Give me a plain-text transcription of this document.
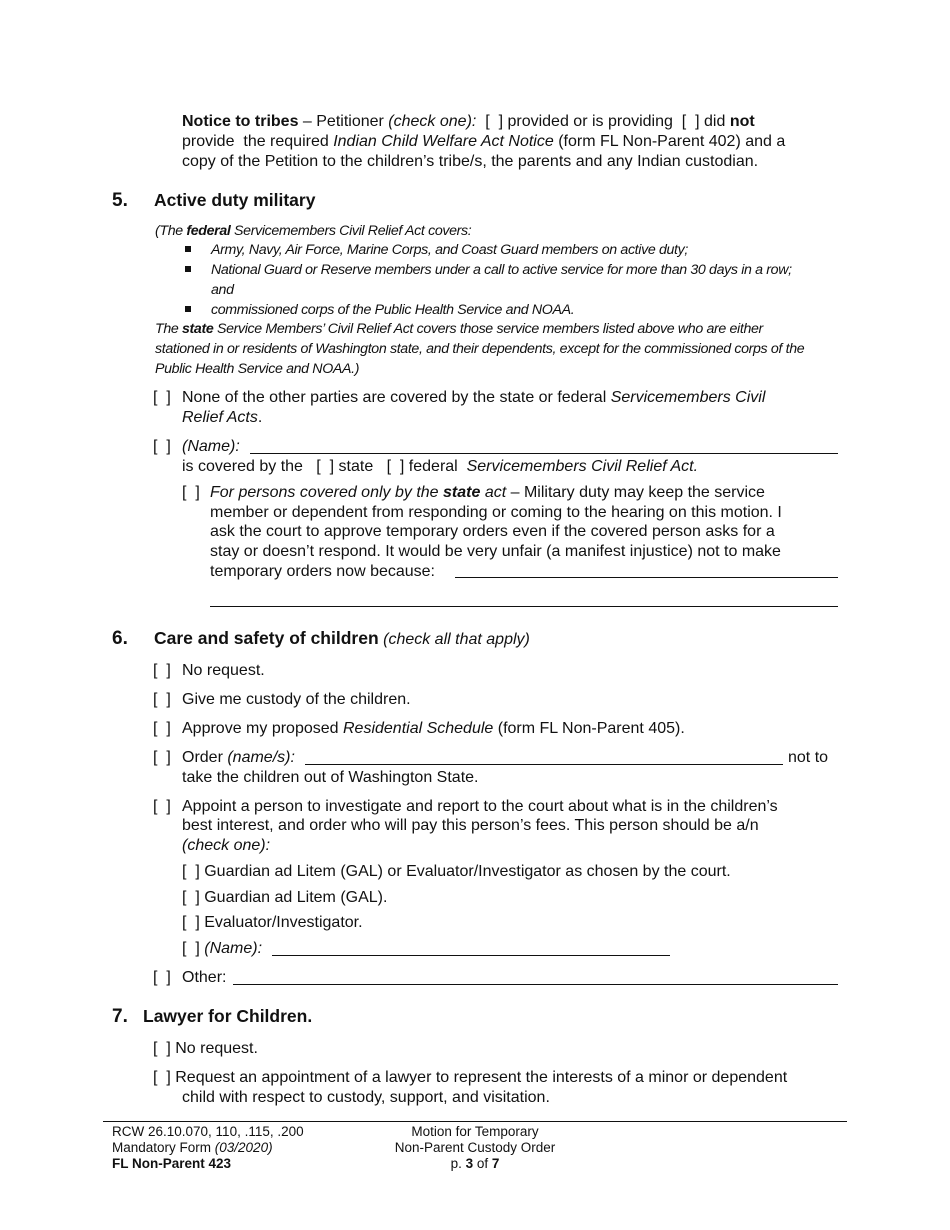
Notice to tribes – Petitioner (check one): [  ] provided or is providing [  ] did not
provide  the required Indian Child Welfare Act Notice (form FL Non-Parent 402) and a
copy of the Petition to the children’s tribe/s, the parents and any Indian custodian.
5. Active duty military
(The federal Servicemembers Civil Relief Act covers:
Army, Navy, Air Force, Marine Corps, and Coast Guard members on active duty;
National Guard or Reserve members under a call to active service for more than 30 days in a row;
and
commissioned corps of the Public Health Service and NOAA.
The state Service Members’ Civil Relief Act covers those service members listed above who are either
stationed in or residents of Washington state, and their dependents, except for the commissioned corps of the
Public Health Service and NOAA.)
[  ] None of the other parties are covered by the state or federal Servicemembers Civil
Relief Acts.
[  ] (Name):
is covered by the [  ] state [  ] federal Servicemembers Civil Relief Act.
[  ] For persons covered only by the state act – Military duty may keep the service
member or dependent from responding or coming to the hearing on this motion. I
ask the court to approve temporary orders even if the covered person asks for a
stay or doesn’t respond. It would be very unfair (a manifest injustice) not to make
temporary orders now because:
6. Care and safety of children (check all that apply)
[  ] No request.
[  ] Give me custody of the children.
[  ] Approve my proposed Residential Schedule (form FL Non-Parent 405).
[  ] Order (name/s):	not to
take the children out of Washington State.
[  ] Appoint a person to investigate and report to the court about what is in the children’s
best interest, and order who will pay this person’s fees. This person should be a/n
(check one):
[  ] Guardian ad Litem (GAL) or Evaluator/Investigator as chosen by the court.
[  ] Guardian ad Litem (GAL).
[  ] Evaluator/Investigator.
[  ] (Name):
[  ] Other:
7. Lawyer for Children.
[  ] No request.
[  ] Request an appointment of a lawyer to represent the interests of a minor or dependent
child with respect to custody, support, and visitation.
RCW 26.10.070, 110, .115, .200
Mandatory Form (03/2020)
FL Non-Parent 423
Motion for Temporary
Non-Parent Custody Order
p. 3 of 7
